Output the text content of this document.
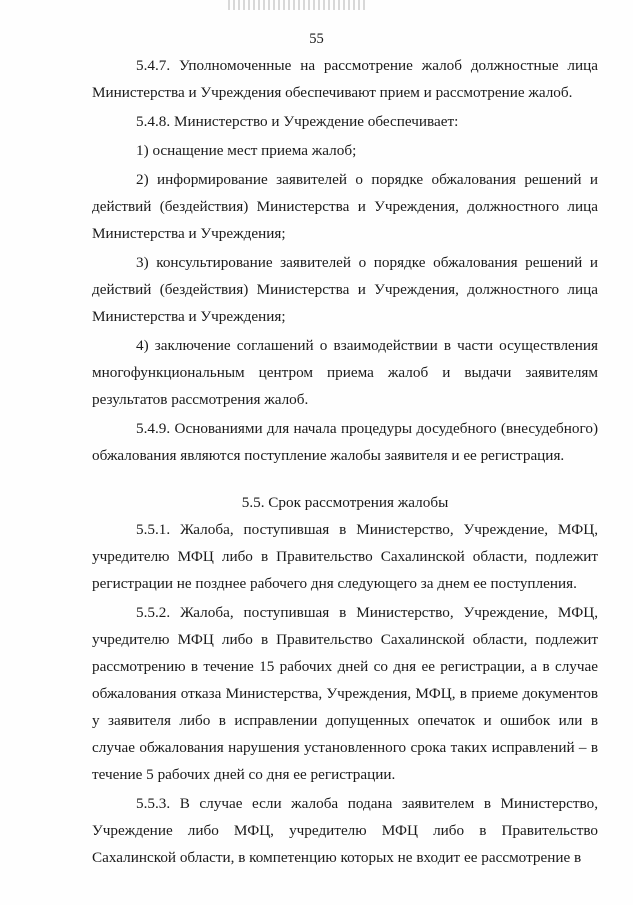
55

5.4.7. Уполномоченные на рассмотрение жалоб должностные лица Министерства и Учреждения обеспечивают прием и рассмотрение жалоб.

5.4.8. Министерство и Учреждение обеспечивает:

1) оснащение мест приема жалоб;

2) информирование заявителей о порядке обжалования решений и действий (бездействия) Министерства и Учреждения, должностного лица Министерства и Учреждения;

3) консультирование заявителей о порядке обжалования решений и действий (бездействия) Министерства и Учреждения, должностного лица Министерства и Учреждения;

4) заключение соглашений о взаимодействии в части осуществления многофункциональным центром приема жалоб и выдачи заявителям результатов рассмотрения жалоб.

5.4.9. Основаниями для начала процедуры досудебного (внесудебного) обжалования являются поступление жалобы заявителя и ее регистрация.

5.5. Срок рассмотрения жалобы

5.5.1. Жалоба, поступившая в Министерство, Учреждение, МФЦ, учредителю МФЦ либо в Правительство Сахалинской области, подлежит регистрации не позднее рабочего дня следующего за днем ее поступления.

5.5.2. Жалоба, поступившая в Министерство, Учреждение, МФЦ, учредителю МФЦ либо в Правительство Сахалинской области, подлежит рассмотрению в течение 15 рабочих дней со дня ее регистрации, а в случае обжалования отказа Министерства, Учреждения, МФЦ, в приеме документов у заявителя либо в исправлении допущенных опечаток и ошибок или в случае обжалования нарушения установленного срока таких исправлений – в течение 5 рабочих дней со дня ее регистрации.

5.5.3. В случае если жалоба подана заявителем в Министерство, Учреждение либо МФЦ, учредителю МФЦ либо в Правительство Сахалинской области, в компетенцию которых не входит ее рассмотрение в
